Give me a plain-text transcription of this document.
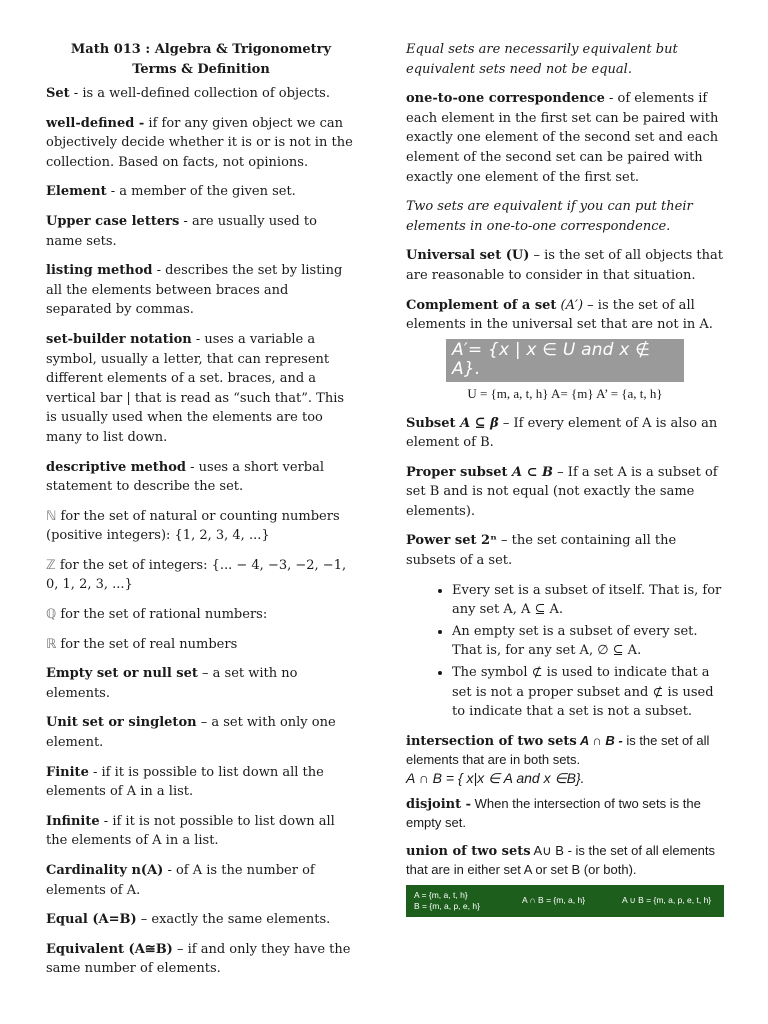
Math 013 : Algebra & Trigonometry
Terms & Definition
Set - is a well-defined collection of objects.
well-defined - if for any given object we can objectively decide whether it is or is not in the collection. Based on facts, not opinions.
Element - a member of the given set.
Upper case letters - are usually used to name sets.
listing method - describes the set by listing all the elements between braces and separated by commas.
set-builder notation - uses a variable a symbol, usually a letter, that can represent different elements of a set. braces, and a vertical bar | that is read as “such that”. This is usually used when the elements are too many to list down.
descriptive method - uses a short verbal statement to describe the set.
ℕ for the set of natural or counting numbers (positive integers): {1, 2, 3, 4, ...}
ℤ for the set of integers: {... − 4, −3, −2, −1, 0, 1, 2, 3, ...}
ℚ for the set of rational numbers:
ℝ for the set of real numbers
Empty set or null set – a set with no elements.
Unit set or singleton – a set with only one element.
Finite - if it is possible to list down all the elements of A in a list.
Infinite - if it is not possible to list down all the elements of A in a list.
Cardinality n(A) - of A is the number of elements of A.
Equal (A=B) – exactly the same elements.
Equivalent (A≅B) – if and only they have the same number of elements.
Equal sets are necessarily equivalent but equivalent sets need not be equal.
one-to-one correspondence - of elements if each element in the first set can be paired with exactly one element of the second set and each element of the second set can be paired with exactly one element of the first set.
Two sets are equivalent if you can put their elements in one-to-one correspondence.
Universal set (U) – is the set of all objects that are reasonable to consider in that situation.
Complement of a set (A′) – is the set of all elements in the universal set that are not in A.
A′= {x | x ∈ U and x ∉ A}.
U = {m, a, t, h} A= {m} A’ = {a, t, h}
Subset A ⊆ β – If every element of A is also an element of B.
Proper subset A ⊂ B – If a set A is a subset of set B and is not equal (not exactly the same elements).
Power set 2ⁿ – the set containing all the subsets of a set.
• Every set is a subset of itself. That is, for any set A, A ⊆ A.
• An empty set is a subset of every set. That is, for any set A, ∅ ⊆ A.
• The symbol ⊄ is used to indicate that a set is not a proper subset and ⊄ is used to indicate that a set is not a subset.
intersection of two sets A ∩ B - is the set of all elements that are in both sets.
A ∩ B = { x|x ∈ A and x ∈B}.
disjoint - When the intersection of two sets is the empty set.
union of two sets A∪ B - is the set of all elements that are in either set A or set B (or both).
A = {m, a, t, h}
B = {m, a, p, e, h}
A ∩ B = {m, a, h}	A ∪ B = {m, a, p, e, t, h}
